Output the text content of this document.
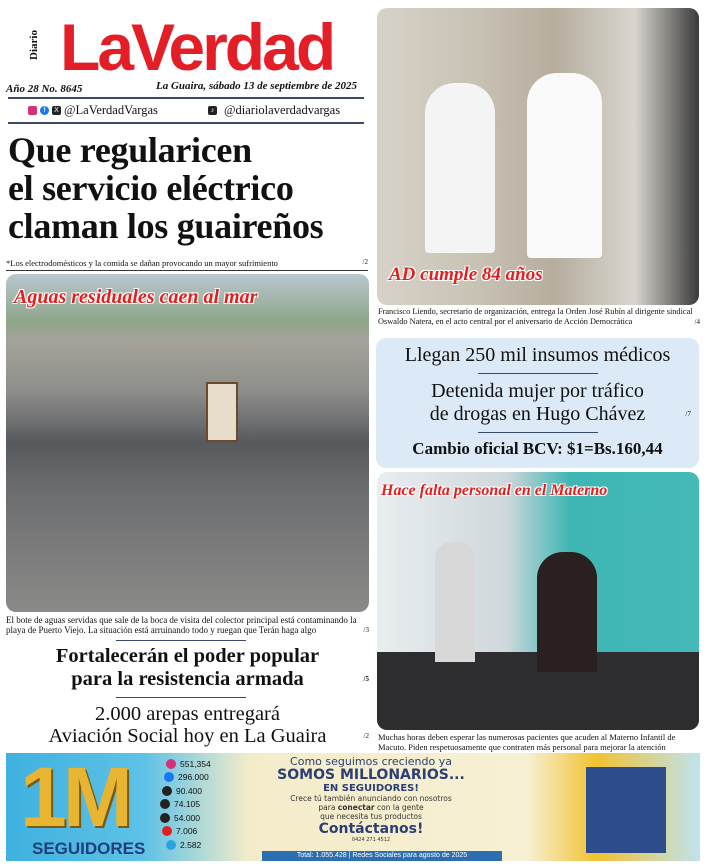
Diario LaVerdad
Año 28 No. 8645	La Guaira, sábado 13 de septiembre de 2025
f	X @LaVerdadVargas	♪ @diariolaverdadvargas
Que regularicen
el servicio eléctrico
claman los guaireños
*Los electrodomésticos y la comida se dañan provocando un mayor sufrimiento	/2
Aguas residuales caen al mar
El bote de aguas servidas que sale de la boca de visita del colector principal está contaminando la playa de Puerto Viejo. La situación está arruinando todo y ruegan que Terán haga algo	/3
Fortalecerán el poder popular
para la resistencia armada	/5
2.000 arepas entregará
Aviación Social hoy en La Guaira	/2
AD cumple 84 años
Francisco Liendo, secretario de organización, entrega la Orden José Rubín al dirigente sindical Oswaldo Natera, en el acto central por el aniversario de Acción Democrática	/4
Llegan 250 mil insumos médicos
Detenida mujer por tráfico
de drogas en Hugo Chávez	/7
Cambio oficial BCV: $1=Bs.160,44
Hace falta personal en el Materno
Muchas horas deben esperar las numerosas pacientes que acuden al Materno Infantil de Macuto. Piden respetuosamente que contraten más personal para mejorar la atención
1M
SEGUIDORES
551,354
296.000
90.400
74.105
54.000
7.006
2.582
Como seguimos creciendo ya
SOMOS MILLONARIOS...
EN SEGUIDORES!
Crece tú también anunciando con nosotros
para conectar con la gente
que necesita tus productos
Contáctanos!
0424 271 4512
Total: 1.055.428 | Redes Sociales para agosto de 2025
